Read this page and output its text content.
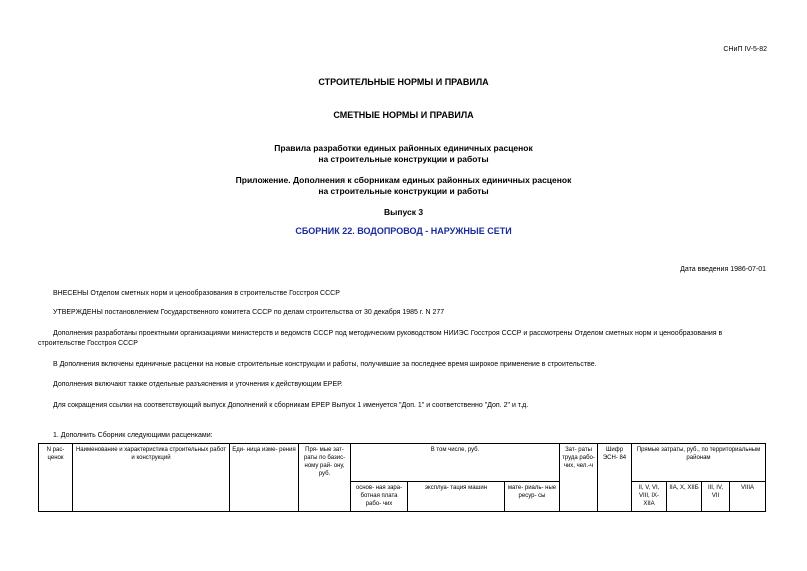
СНиП IV-5-82
СТРОИТЕЛЬНЫЕ НОРМЫ И ПРАВИЛА
СМЕТНЫЕ НОРМЫ И ПРАВИЛА
Правила разработки единых районных единичных расценок
на строительные конструкции и работы
Приложение. Дополнения к сборникам единых районных единичных расценок
на строительные конструкции и работы
Выпуск 3
СБОРНИК 22. ВОДОПРОВОД - НАРУЖНЫЕ СЕТИ
Дата введения 1986-07-01
ВНЕСЕНЫ Отделом сметных норм и ценообразования в строительстве Госстроя СССР
УТВЕРЖДЕНЫ постановлением Государственного комитета СССР по делам строительства от 30 декабря 1985 г. N 277
Дополнения разработаны проектными организациями министерств и ведомств СССР под методическим руководством НИИЭС Госстроя СССР и рассмотрены Отделом сметных норм и ценообразования в строительстве Госстроя СССР
В Дополнения включены единичные расценки на новые строительные конструкции и работы, получившие за последнее время широкое применение в строительстве.
Дополнения включают также отдельные разъяснения и уточнения к действующим ЕРЕР.
Для сокращения ссылки на соответствующий выпуск Дополнений к сборникам ЕРЕР Выпуск 1 именуется "Доп. 1" и соответственно "Доп. 2" и т.д.
1. Дополнить Сборник следующими расценками:
N рас- ценок	Наименование и характеристика строительных работ и конструкций	Еди- ница изме- рения	Пря- мые зат- раты по базис- ному рай- ону, руб.	В том числе, руб.			Зат- раты труда рабо- чих, чел.-ч	Шифр ЭСН- 84	Прямые затраты, руб., по территориальным районам			
				основ- ная зара- ботная плата рабо- чих	эксплуа- тация машин	мате- риаль- ные ресур- сы			II, V, VI, VIII, IX- XIIА	IIА, X, XIIБ	III, IV, VII	VIIIА
